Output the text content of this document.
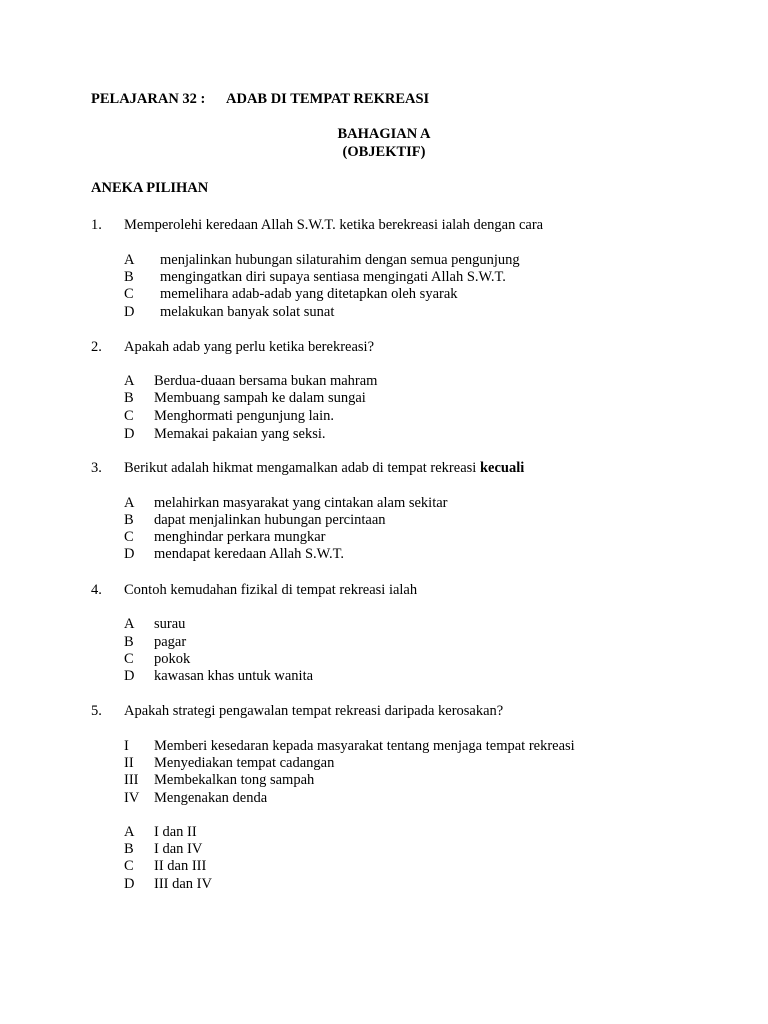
PELAJARAN 32 : ADAB DI TEMPAT REKREASI
BAHAGIAN A
(OBJEKTIF)
ANEKA PILIHAN
1. Memperolehi keredaan Allah S.W.T. ketika berekreasi ialah dengan cara
A menjalinkan hubungan silaturahim dengan semua pengunjung
B mengingatkan diri supaya sentiasa mengingati Allah S.W.T.
C memelihara adab-adab yang ditetapkan oleh syarak
D melakukan banyak solat sunat
2. Apakah adab yang perlu ketika berekreasi?
A Berdua-duaan bersama bukan mahram
B Membuang sampah ke dalam sungai
C Menghormati pengunjung lain.
D Memakai pakaian yang seksi.
3. Berikut adalah hikmat mengamalkan adab di tempat rekreasi kecuali
A melahirkan masyarakat yang cintakan alam sekitar
B dapat menjalinkan hubungan percintaan
C menghindar perkara mungkar
D mendapat keredaan Allah S.W.T.
4. Contoh kemudahan fizikal di tempat rekreasi ialah
A surau
B pagar
C pokok
D kawasan khas untuk wanita
5. Apakah strategi pengawalan tempat rekreasi daripada kerosakan?
I Memberi kesedaran kepada masyarakat tentang menjaga tempat rekreasi
II Menyediakan tempat cadangan
III Membekalkan tong sampah
IV Mengenakan denda
A I dan II
B I dan IV
C II dan III
D III dan IV
